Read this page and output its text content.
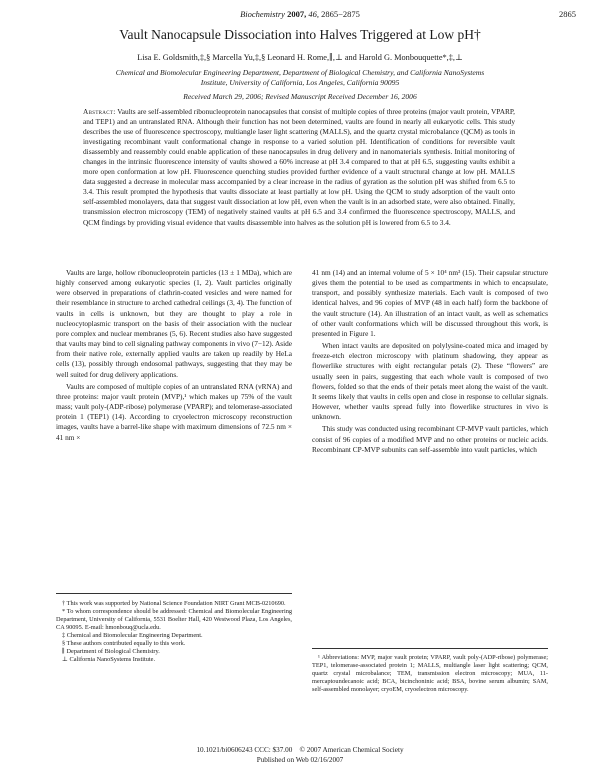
Biochemistry 2007, 46, 2865−2875	2865
Vault Nanocapsule Dissociation into Halves Triggered at Low pH†
Lisa E. Goldsmith,‡,§ Marcella Yu,‡,§ Leonard H. Rome,∥,⊥ and Harold G. Monbouquette*,‡,⊥
Chemical and Biomolecular Engineering Department, Department of Biological Chemistry, and California NanoSystems
Institute, University of California, Los Angeles, California 90095
Received March 29, 2006; Revised Manuscript Received December 16, 2006
Abstract: Vaults are self-assembled ribonucleoprotein nanocapsules that consist of multiple copies of three proteins (major vault protein, VPARP, and TEP1) and an untranslated RNA. Although their function has not been determined, vaults are found in nearly all eukaryotic cells. This study describes the use of fluorescence spectroscopy, multiangle laser light scattering (MALLS), and the quartz crystal microbalance (QCM) as tools in investigating recombinant vault conformational change in response to a varied solution pH. Identification of conditions for reversible vault disassembly and reassembly could enable application of these nanocapsules in drug delivery and in nanomaterials synthesis. Initial monitoring of changes in the intrinsic fluorescence intensity of vaults showed a 60% increase at pH 3.4 compared to that at pH 6.5, suggesting vaults exhibit a more open conformation at low pH. Fluorescence quenching studies provided further evidence of a vault structural change at low pH. MALLS data suggested a decrease in molecular mass accompanied by a clear increase in the radius of gyration as the solution pH was shifted from 6.5 to 3.4. This result prompted the hypothesis that vaults dissociate at least partially at low pH. Using the QCM to study adsorption of the vault onto self-assembled monolayers, data that suggest vault dissociation at low pH, even when the vault is in an adsorbed state, were also obtained. Finally, transmission electron microscopy (TEM) of negatively stained vaults at pH 6.5 and 3.4 confirmed the fluorescence spectroscopy, MALLS, and QCM findings by providing visual evidence that vaults disassemble into halves as the solution pH is lowered from 6.5 to 3.4.

Vaults are large, hollow ribonucleoprotein particles (13 ± 1 MDa), which are highly conserved among eukaryotic species (1, 2). Vault particles originally were observed in preparations of clathrin-coated vesicles and were named for their resemblance in structure to arched cathedral ceilings (3, 4). The function of vaults in cells is unknown, but they are thought to play a role in nucleocytoplasmic transport on the basis of their association with the nuclear pore complex and nuclear membranes (5, 6). Recent studies also have suggested that vaults may bind to cell signaling pathway components in vivo (7−12). Aside from their native role, externally applied vaults are taken up readily by HeLa cells (13), possibly through endosomal pathways, suggesting that they may be well suited for drug delivery applications.

Vaults are composed of multiple copies of an untranslated RNA (vRNA) and three proteins: major vault protein (MVP),¹ which makes up 75% of the vault mass; vault poly-(ADP-ribose) polymerase (VPARP); and telomerase-associated protein 1 (TEP1) (14). According to cryoelectron microscopy reconstruction images, vaults have a barrel-like shape with maximum dimensions of 72.5 nm × 41 nm ×

† This work was supported by National Science Foundation NIRT Grant MCB-0210690.

* To whom correspondence should be addressed: Chemical and Biomolecular Engineering Department, University of California, 5531 Boelter Hall, 420 Westwood Plaza, Los Angeles, CA 90095. E-mail: hmonbouq@ucla.edu.

‡ Chemical and Biomolecular Engineering Department.

§ These authors contributed equally to this work.

∥ Department of Biological Chemistry.

⊥ California NanoSystems Institute.

41 nm (14) and an internal volume of 5 × 10⁴ nm³ (15). Their capsular structure gives them the potential to be used as compartments in which to encapsulate, transport, and possibly synthesize materials. Each vault is composed of two identical halves, and 96 copies of MVP (48 in each half) form the backbone of the vault structure (14). An illustration of an intact vault, as well as schematics of other vault conformations which will be discussed throughout this work, is presented in Figure 1.

When intact vaults are deposited on polylysine-coated mica and imaged by freeze-etch electron microscopy with platinum shadowing, they appear as flowerlike structures with eight rectangular petals (2). These “flowers” are usually seen in pairs, suggesting that each whole vault is composed of two flowers, folded so that the ends of their petals meet along the waist of the vault. It seems likely that vaults in cells open and close in response to cellular signals. However, whether vaults spread fully into flowerlike structures in vivo is unknown.

This study was conducted using recombinant CP-MVP vault particles, which consist of 96 copies of a modified MVP and no other proteins or nucleic acids. Recombinant CP-MVP subunits can self-assemble into vault particles, which

¹ Abbreviations: MVP, major vault protein; VPARP, vault poly-(ADP-ribose) polymerase; TEP1, telomerase-associated protein 1; MALLS, multiangle laser light scattering; QCM, quartz crystal microbalance; TEM, transmission electron microscopy; MUA, 11-mercaptoundecanoic acid; BCA, bicinchoninic acid; BSA, bovine serum albumin; SAM, self-assembled monolayer; cryoEM, cryoelectron microscopy.

10.1021/bi0606243 CCC: $37.00    © 2007 American Chemical Society
Published on Web 02/16/2007
